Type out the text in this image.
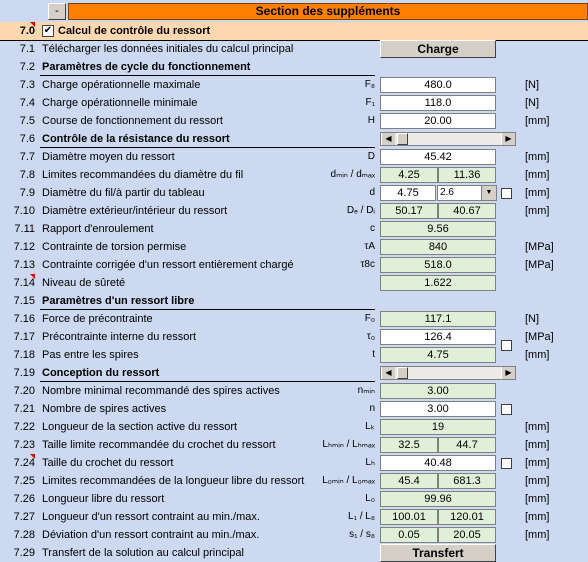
-	Section des suppléments
7.0 ✔ Calcul de contrôle du ressort
7.1 Télécharger les données initiales du calcul principal	Charge
7.2 Paramètres de cycle du fonctionnement
7.3 Charge opérationnelle maximale	F₈	480.0	[N]
7.4 Charge opérationnelle minimale	F₁	118.0	[N]
7.5 Course de fonctionnement du ressort	H	20.00	[mm]
7.6 Contrôle de la résistance du ressort	◀	▶
7.7 Diamètre moyen du ressort	D	45.42	[mm]
7.8 Limites recommandées du diamètre du fil	dₘᵢₙ / dₘₐₓ	4.25	11.36	[mm]
7.9 Diamètre du fil/à partir du tableau	d	4.75	2.6	▼	[mm]
7.10 Diamètre extérieur/intérieur du ressort	Dₑ / Dᵢ	50.17	40.67	[mm]
7.11 Rapport d'enroulement	c	9.56
7.12 Contrainte de torsion permise	τA	840	[MPa]
7.13 Contrainte corrigée d'un ressort entièrement chargé	τ8c	518.0	[MPa]
7.14 Niveau de sûreté	1.622
7.15 Paramètres d'un ressort libre
7.16 Force de précontrainte	F₀	117.1	[N]
7.17 Précontrainte interne du ressort	τ₀	126.4	[MPa]
7.18 Pas entre les spires	t	4.75	[mm]
7.19 Conception du ressort	◀	▶
7.20 Nombre minimal recommandé des spires actives	nₘᵢₙ	3.00
7.21 Nombre de spires actives	n	3.00
7.22 Longueur de la section active du ressort	Lₖ	19	[mm]
7.23 Taille limite recommandée du crochet du ressort	Lₕₘᵢₙ / Lₕₘₐₓ	32.5	44.7	[mm]
7.24 Taille du crochet du ressort	Lₕ	40.48	[mm]
7.25 Limites recommandées de la longueur libre du ressort	L₀ₘᵢₙ / L₀ₘₐₓ	45.4	681.3	[mm]
7.26 Longueur libre du ressort	L₀	99.96	[mm]
7.27 Longueur d'un ressort contraint au min./max.	L₁ / L₈	100.01	120.01	[mm]
7.28 Déviation d'un ressort contraint au min./max.	s₁ / s₈	0.05	20.05	[mm]
7.29 Transfert de la solution au calcul principal	Transfert
